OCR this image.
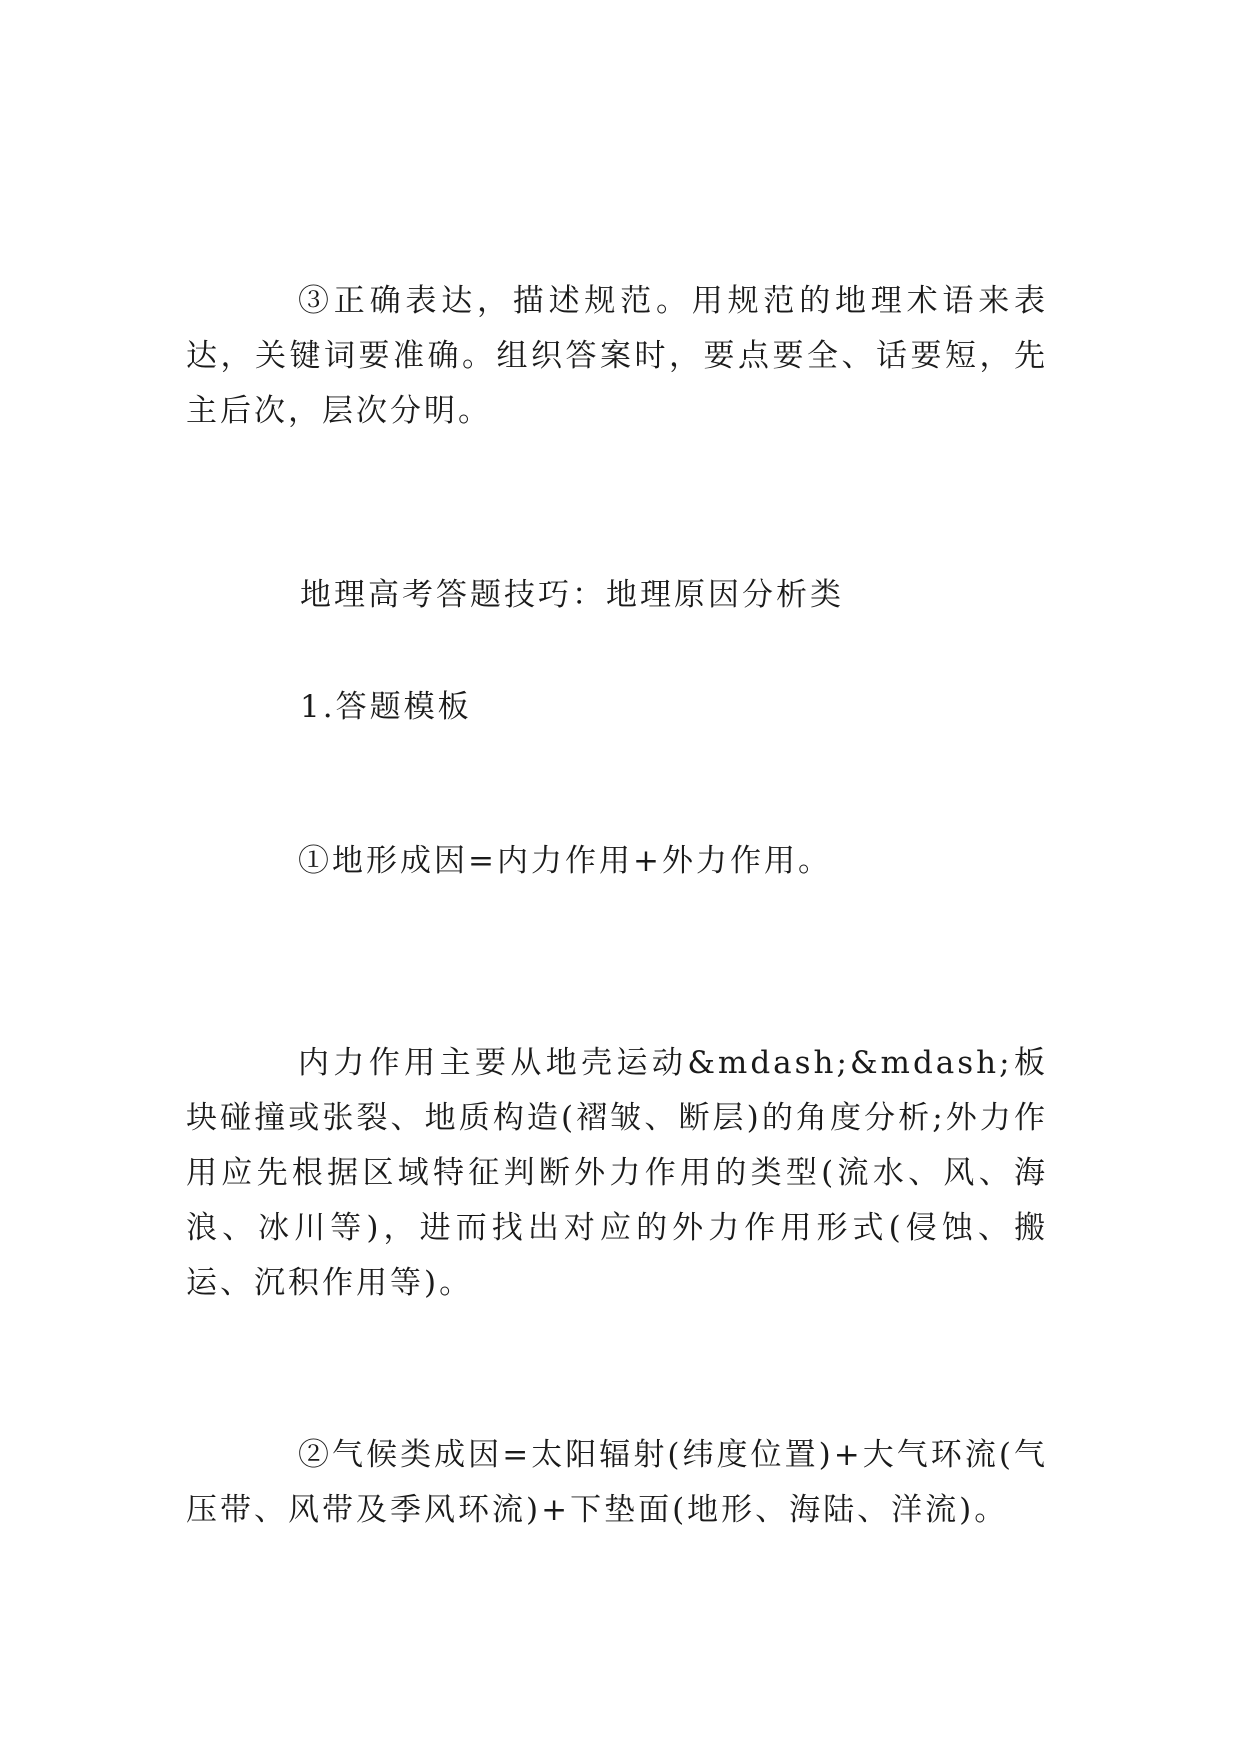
③正确表达，描述规范。用规范的地理术语来表达，关键词要准确。组织答案时，要点要全、话要短，先主后次，层次分明。

地理高考答题技巧：地理原因分析类

1.答题模板

①地形成因=内力作用+外力作用。

内力作用主要从地壳运动&mdash;&mdash;板块碰撞或张裂、地质构造(褶皱、断层)的角度分析;外力作用应先根据区域特征判断外力作用的类型(流水、风、海浪、冰川等)，进而找出对应的外力作用形式(侵蚀、搬运、沉积作用等)。

②气候类成因=太阳辐射(纬度位置)+大气环流(气压带、风带及季风环流)+下垫面(地形、海陆、洋流)。
